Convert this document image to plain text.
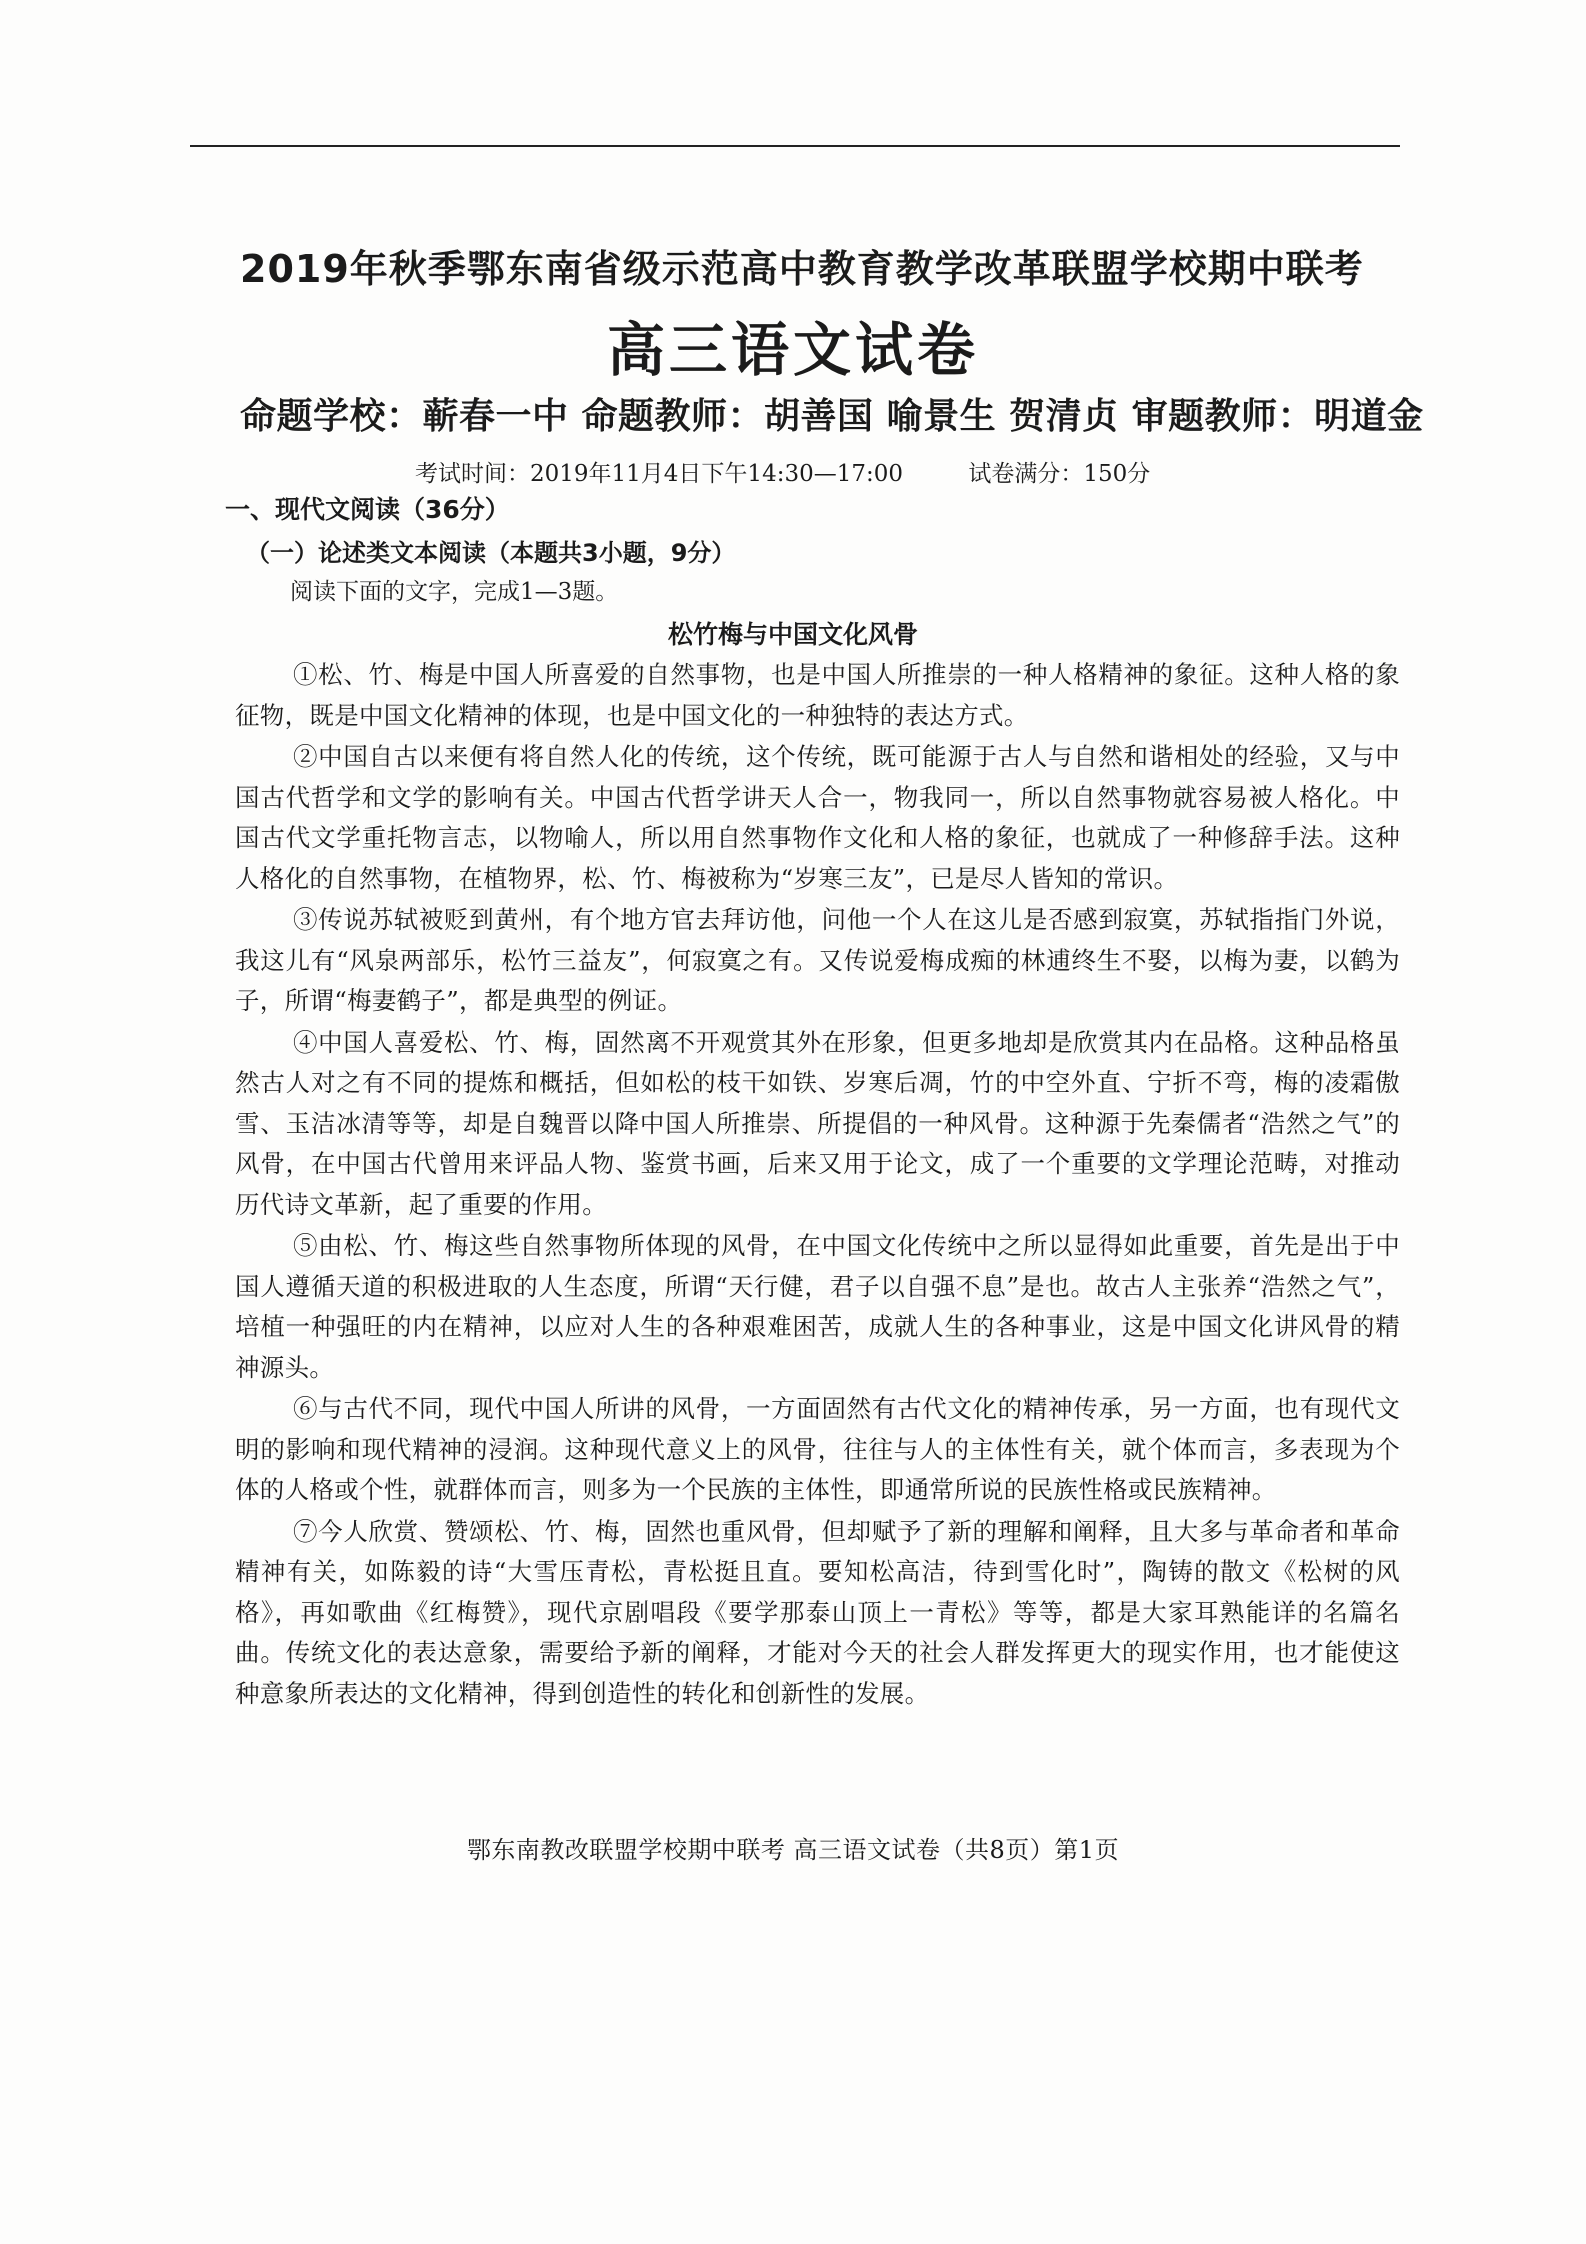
2019年秋季鄂东南省级示范高中教育教学改革联盟学校期中联考
高三语文试卷
命题学校：蕲春一中 命题教师：胡善国 喻景生 贺清贞 审题教师：明道金
考试时间：2019年11月4日下午14:30—17:00	试卷满分：150分
一、现代文阅读（36分）
（一）论述类文本阅读（本题共3小题，9分）
阅读下面的文字，完成1—3题。
松竹梅与中国文化风骨

①松、竹、梅是中国人所喜爱的自然事物，也是中国人所推崇的一种人格精神的象征。这种人格的象征物，既是中国文化精神的体现，也是中国文化的一种独特的表达方式。

②中国自古以来便有将自然人化的传统，这个传统，既可能源于古人与自然和谐相处的经验，又与中国古代哲学和文学的影响有关。中国古代哲学讲天人合一，物我同一，所以自然事物就容易被人格化。中国古代文学重托物言志，以物喻人，所以用自然事物作文化和人格的象征，也就成了一种修辞手法。这种人格化的自然事物，在植物界，松、竹、梅被称为“岁寒三友”，已是尽人皆知的常识。

③传说苏轼被贬到黄州，有个地方官去拜访他，问他一个人在这儿是否感到寂寞，苏轼指指门外说，我这儿有“风泉两部乐，松竹三益友”，何寂寞之有。又传说爱梅成痴的林逋终生不娶，以梅为妻，以鹤为子，所谓“梅妻鹤子”，都是典型的例证。

④中国人喜爱松、竹、梅，固然离不开观赏其外在形象，但更多地却是欣赏其内在品格。这种品格虽然古人对之有不同的提炼和概括，但如松的枝干如铁、岁寒后凋，竹的中空外直、宁折不弯，梅的凌霜傲雪、玉洁冰清等等，却是自魏晋以降中国人所推崇、所提倡的一种风骨。这种源于先秦儒者“浩然之气”的风骨，在中国古代曾用来评品人物、鉴赏书画，后来又用于论文，成了一个重要的文学理论范畴，对推动历代诗文革新，起了重要的作用。

⑤由松、竹、梅这些自然事物所体现的风骨，在中国文化传统中之所以显得如此重要，首先是出于中国人遵循天道的积极进取的人生态度，所谓“天行健，君子以自强不息”是也。故古人主张养“浩然之气”，培植一种强旺的内在精神，以应对人生的各种艰难困苦，成就人生的各种事业，这是中国文化讲风骨的精神源头。

⑥与古代不同，现代中国人所讲的风骨，一方面固然有古代文化的精神传承，另一方面，也有现代文明的影响和现代精神的浸润。这种现代意义上的风骨，往往与人的主体性有关，就个体而言，多表现为个体的人格或个性，就群体而言，则多为一个民族的主体性，即通常所说的民族性格或民族精神。

⑦今人欣赏、赞颂松、竹、梅，固然也重风骨，但却赋予了新的理解和阐释，且大多与革命者和革命精神有关，如陈毅的诗“大雪压青松，青松挺且直。要知松高洁，待到雪化时”，陶铸的散文《松树的风格》，再如歌曲《红梅赞》，现代京剧唱段《要学那泰山顶上一青松》等等，都是大家耳熟能详的名篇名曲。传统文化的表达意象，需要给予新的阐释，才能对今天的社会人群发挥更大的现实作用，也才能使这种意象所表达的文化精神，得到创造性的转化和创新性的发展。

鄂东南教改联盟学校期中联考 高三语文试卷（共8页）第1页
